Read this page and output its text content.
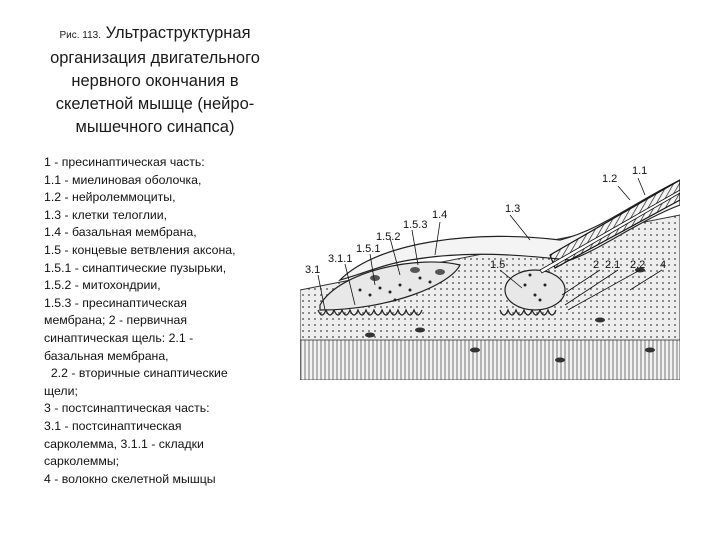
Рис. 113. Ультраструктурная
организация двигательного
нервного окончания в
скелетной мышце (нейро-
мышечного синапса)
1 - пресинаптическая часть:
1.1 - миелиновая оболочка,
1.2 - нейролеммоциты,
1.3 - клетки телоглии,
1.4 - базальная мембрана,
1.5 - концевые ветвления аксона,
1.5.1 - синаптические пузырьки,
1.5.2 - митохондрии,
1.5.3 - пресинаптическая
мембрана; 2 - первичная
синаптическая щель: 2.1 -
базальная мембрана,
2.2 - вторичные синаптические
щели;
3 - постсинаптическая часть:
3.1 - постсинаптическая
сарколемма, 3.1.1 - складки
сарколеммы;
4 - волокно скелетной мышцы
1.1
1.2
1.3
1.4
1.5.3
1.5.2
1.5.1
3.1.1
3.1	1.5	2 2.1 2.2 4
